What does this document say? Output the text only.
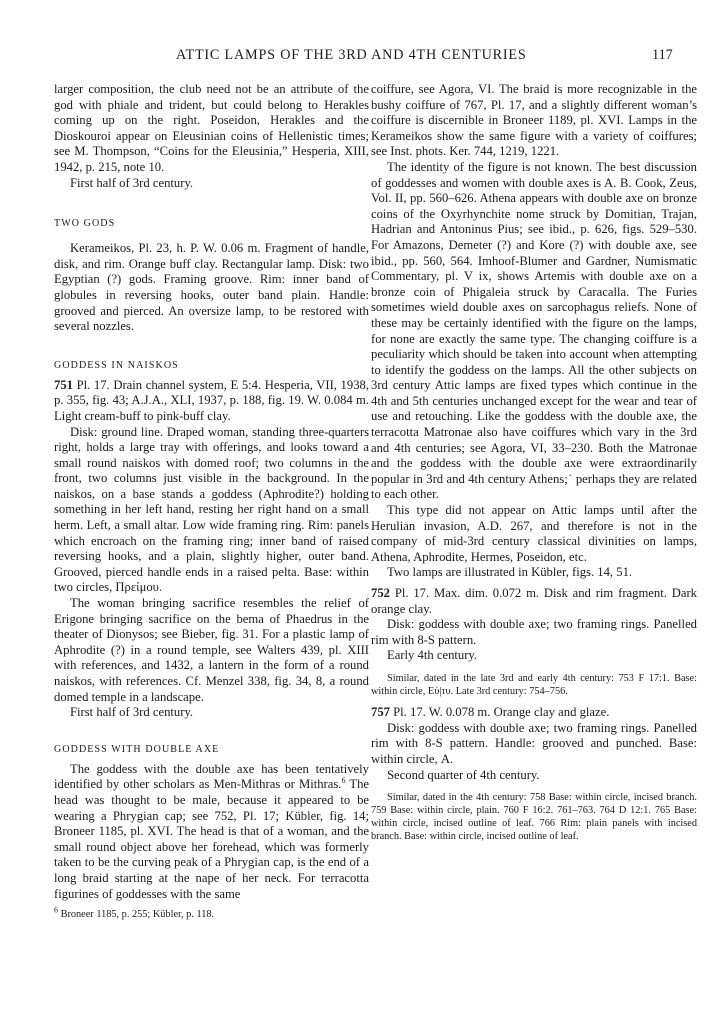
ATTIC LAMPS OF THE 3RD AND 4TH CENTURIES	117

larger composition, the club need not be an attribute of the god with phiale and trident, but could belong to Herakles coming up on the right. Poseidon, Herakles and the Dioskouroi appear on Eleusinian coins of Hellenistic times; see M. Thompson, “Coins for the Eleusinia,” Hesperia, XIII, 1942, p. 215, note 10.

First half of 3rd century.

TWO GODS

Kerameikos, Pl. 23, h. P. W. 0.06 m. Fragment of handle, disk, and rim. Orange buff clay. Rectangular lamp. Disk: two Egyptian (?) gods. Framing groove. Rim: inner band of globules in reversing hooks, outer band plain. Handle: grooved and pierced. An oversize lamp, to be restored with several nozzles.

GODDESS IN NAISKOS

751 Pl. 17. Drain channel system, E 5:4. Hesperia, VII, 1938, p. 355, fig. 43; A.J.A., XLI, 1937, p. 188, fig. 19. W. 0.084 m. Light cream-buff to pink-buff clay.

Disk: ground line. Draped woman, standing three-quarters right, holds a large tray with offerings, and looks toward a small round naiskos with domed roof; two columns in the front, two columns just visible in the background. In the naiskos, on a base stands a goddess (Aphrodite?) holding something in her left hand, resting her right hand on a small herm. Left, a small altar. Low wide framing ring. Rim: panels which encroach on the framing ring; inner band of raised reversing hooks, and a plain, slightly higher, outer band. Grooved, pierced handle ends in a raised pelta. Base: within two circles, Πρείμου.

The woman bringing sacrifice resembles the relief of Erigone bringing sacrifice on the bema of Phaedrus in the theater of Dionysos; see Bieber, fig. 31. For a plastic lamp of Aphrodite (?) in a round temple, see Walters 439, pl. XIII with references, and 1432, a lantern in the form of a round naiskos, with references. Cf. Menzel 338, fig. 34, 8, a round domed temple in a landscape.

First half of 3rd century.

GODDESS WITH DOUBLE AXE

The goddess with the double axe has been tentatively identified by other scholars as Men-Mithras or Mithras.$^6$ The head was thought to be male, because it appeared to be wearing a Phrygian cap; see 752, Pl. 17; Kübler, fig. 14; Broneer 1185, pl. XVI. The head is that of a woman, and the small round object above her forehead, which was formerly taken to be the curving peak of a Phrygian cap, is the end of a long braid starting at the nape of her neck. For terracotta figurines of goddesses with the same

$^6$ Broneer 1185, p. 255; Kübler, p. 118.

coiffure, see Agora, VI. The braid is more recognizable in the bushy coiffure of 767, Pl. 17, and a slightly different woman’s coiffure is discernible in Broneer 1189, pl. XVI. Lamps in the Kerameikos show the same figure with a variety of coiffures; see Inst. phots. Ker. 744, 1219, 1221.

The identity of the figure is not known. The best discussion of goddesses and women with double axes is A. B. Cook, Zeus, Vol. II, pp. 560–626. Athena appears with double axe on bronze coins of the Oxyrhynchite nome struck by Domitian, Trajan, Hadrian and Antoninus Pius; see ibid., p. 626, figs. 529–530. For Amazons, Demeter (?) and Kore (?) with double axe, see ibid., pp. 560, 564. Imhoof-Blumer and Gardner, Numismatic Commentary, pl. V ix, shows Artemis with double axe on a bronze coin of Phigaleia struck by Caracalla. The Furies sometimes wield double axes on sarcophagus reliefs. None of these may be certainly identified with the figure on the lamps, for none are exactly the same type. The changing coiffure is a peculiarity which should be taken into account when attempting to identify the goddess on the lamps. All the other subjects on 3rd century Attic lamps are fixed types which continue in the 4th and 5th centuries unchanged except for the wear and tear of use and retouching. Like the goddess with the double axe, the terracotta Matronae also have coiffures which vary in the 3rd and 4th centuries; see Agora, VI, 33–230. Both the Matronae and the goddess with the double axe were extraordinarily popular in 3rd and 4th century Athens;˙ perhaps they are related to each other.

This type did not appear on Attic lamps until after the Herulian invasion, A.D. 267, and therefore is not in the company of mid-3rd century classical divinities on lamps, Athena, Aphrodite, Hermes, Poseidon, etc.

Two lamps are illustrated in Kübler, figs. 14, 51.

752 Pl. 17. Max. dim. 0.072 m. Disk and rim fragment. Dark orange clay.

Disk: goddess with double axe; two framing rings. Panelled rim with 8-S pattern.

Early 4th century.

Similar, dated in the late 3rd and early 4th century: 753 F 17:1. Base: within circle, Εὐ|τυ. Late 3rd century: 754–756.

757 Pl. 17. W. 0.078 m. Orange clay and glaze.

Disk: goddess with double axe; two framing rings. Panelled rim with 8-S pattern. Handle: grooved and punched. Base: within circle, Α.

Second quarter of 4th century.

Similar, dated in the 4th century: 758 Base: within circle, incised branch. 759 Base: within circle, plain. 760 F 16:2. 761–763. 764 D 12:1. 765 Base: within circle, incised outline of leaf. 766 Rim: plain panels with incised branch. Base: within circle, incised outline of leaf.
